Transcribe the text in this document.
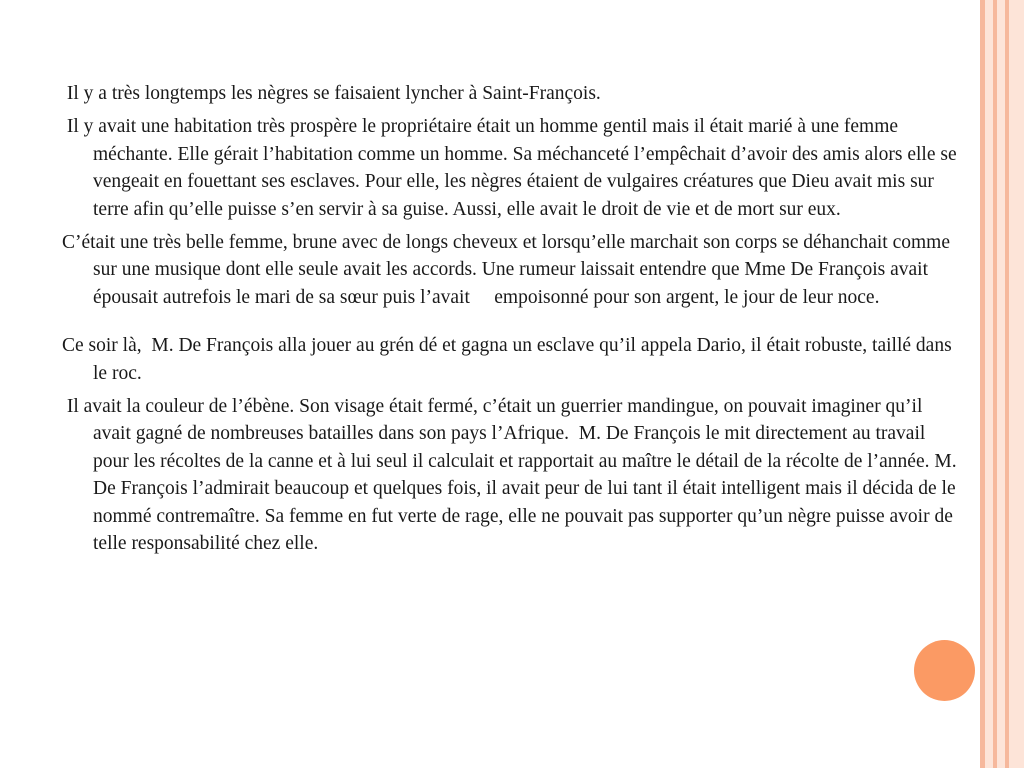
Il y a très longtemps les nègres se faisaient lyncher à Saint-François.

Il y avait une habitation très prospère le propriétaire était un homme gentil mais il était marié à une femme méchante. Elle gérait l’habitation comme un homme. Sa méchanceté l’empêchait d’avoir des amis alors elle se vengeait en fouettant ses esclaves. Pour elle, les nègres étaient de vulgaires créatures que Dieu avait mis sur terre afin qu’elle puisse s’en servir à sa guise. Aussi, elle avait le droit de vie et de mort sur eux.

C’était une très belle femme, brune avec de longs cheveux et lorsqu’elle marchait son corps se déhanchait comme sur une musique dont elle seule avait les accords. Une rumeur laissait entendre que Mme De François avait épousait autrefois le mari de sa sœur puis l’avait     empoisonné pour son argent, le jour de leur noce.

Ce soir là,  M. De François alla jouer au grén dé et gagna un esclave qu’il appela Dario, il était robuste, taillé dans le roc.

Il avait la couleur de l’ébène. Son visage était fermé, c’était un guerrier mandingue, on pouvait imaginer qu’il avait gagné de nombreuses batailles dans son pays l’Afrique.  M. De François le mit directement au travail pour les récoltes de la canne et à lui seul il calculait et rapportait au maître le détail de la récolte de l’année. M. De François l’admirait beaucoup et quelques fois, il avait peur de lui tant il était intelligent mais il décida de le nommé contremaître. Sa femme en fut verte de rage, elle ne pouvait pas supporter qu’un nègre puisse avoir de telle responsabilité chez elle.
